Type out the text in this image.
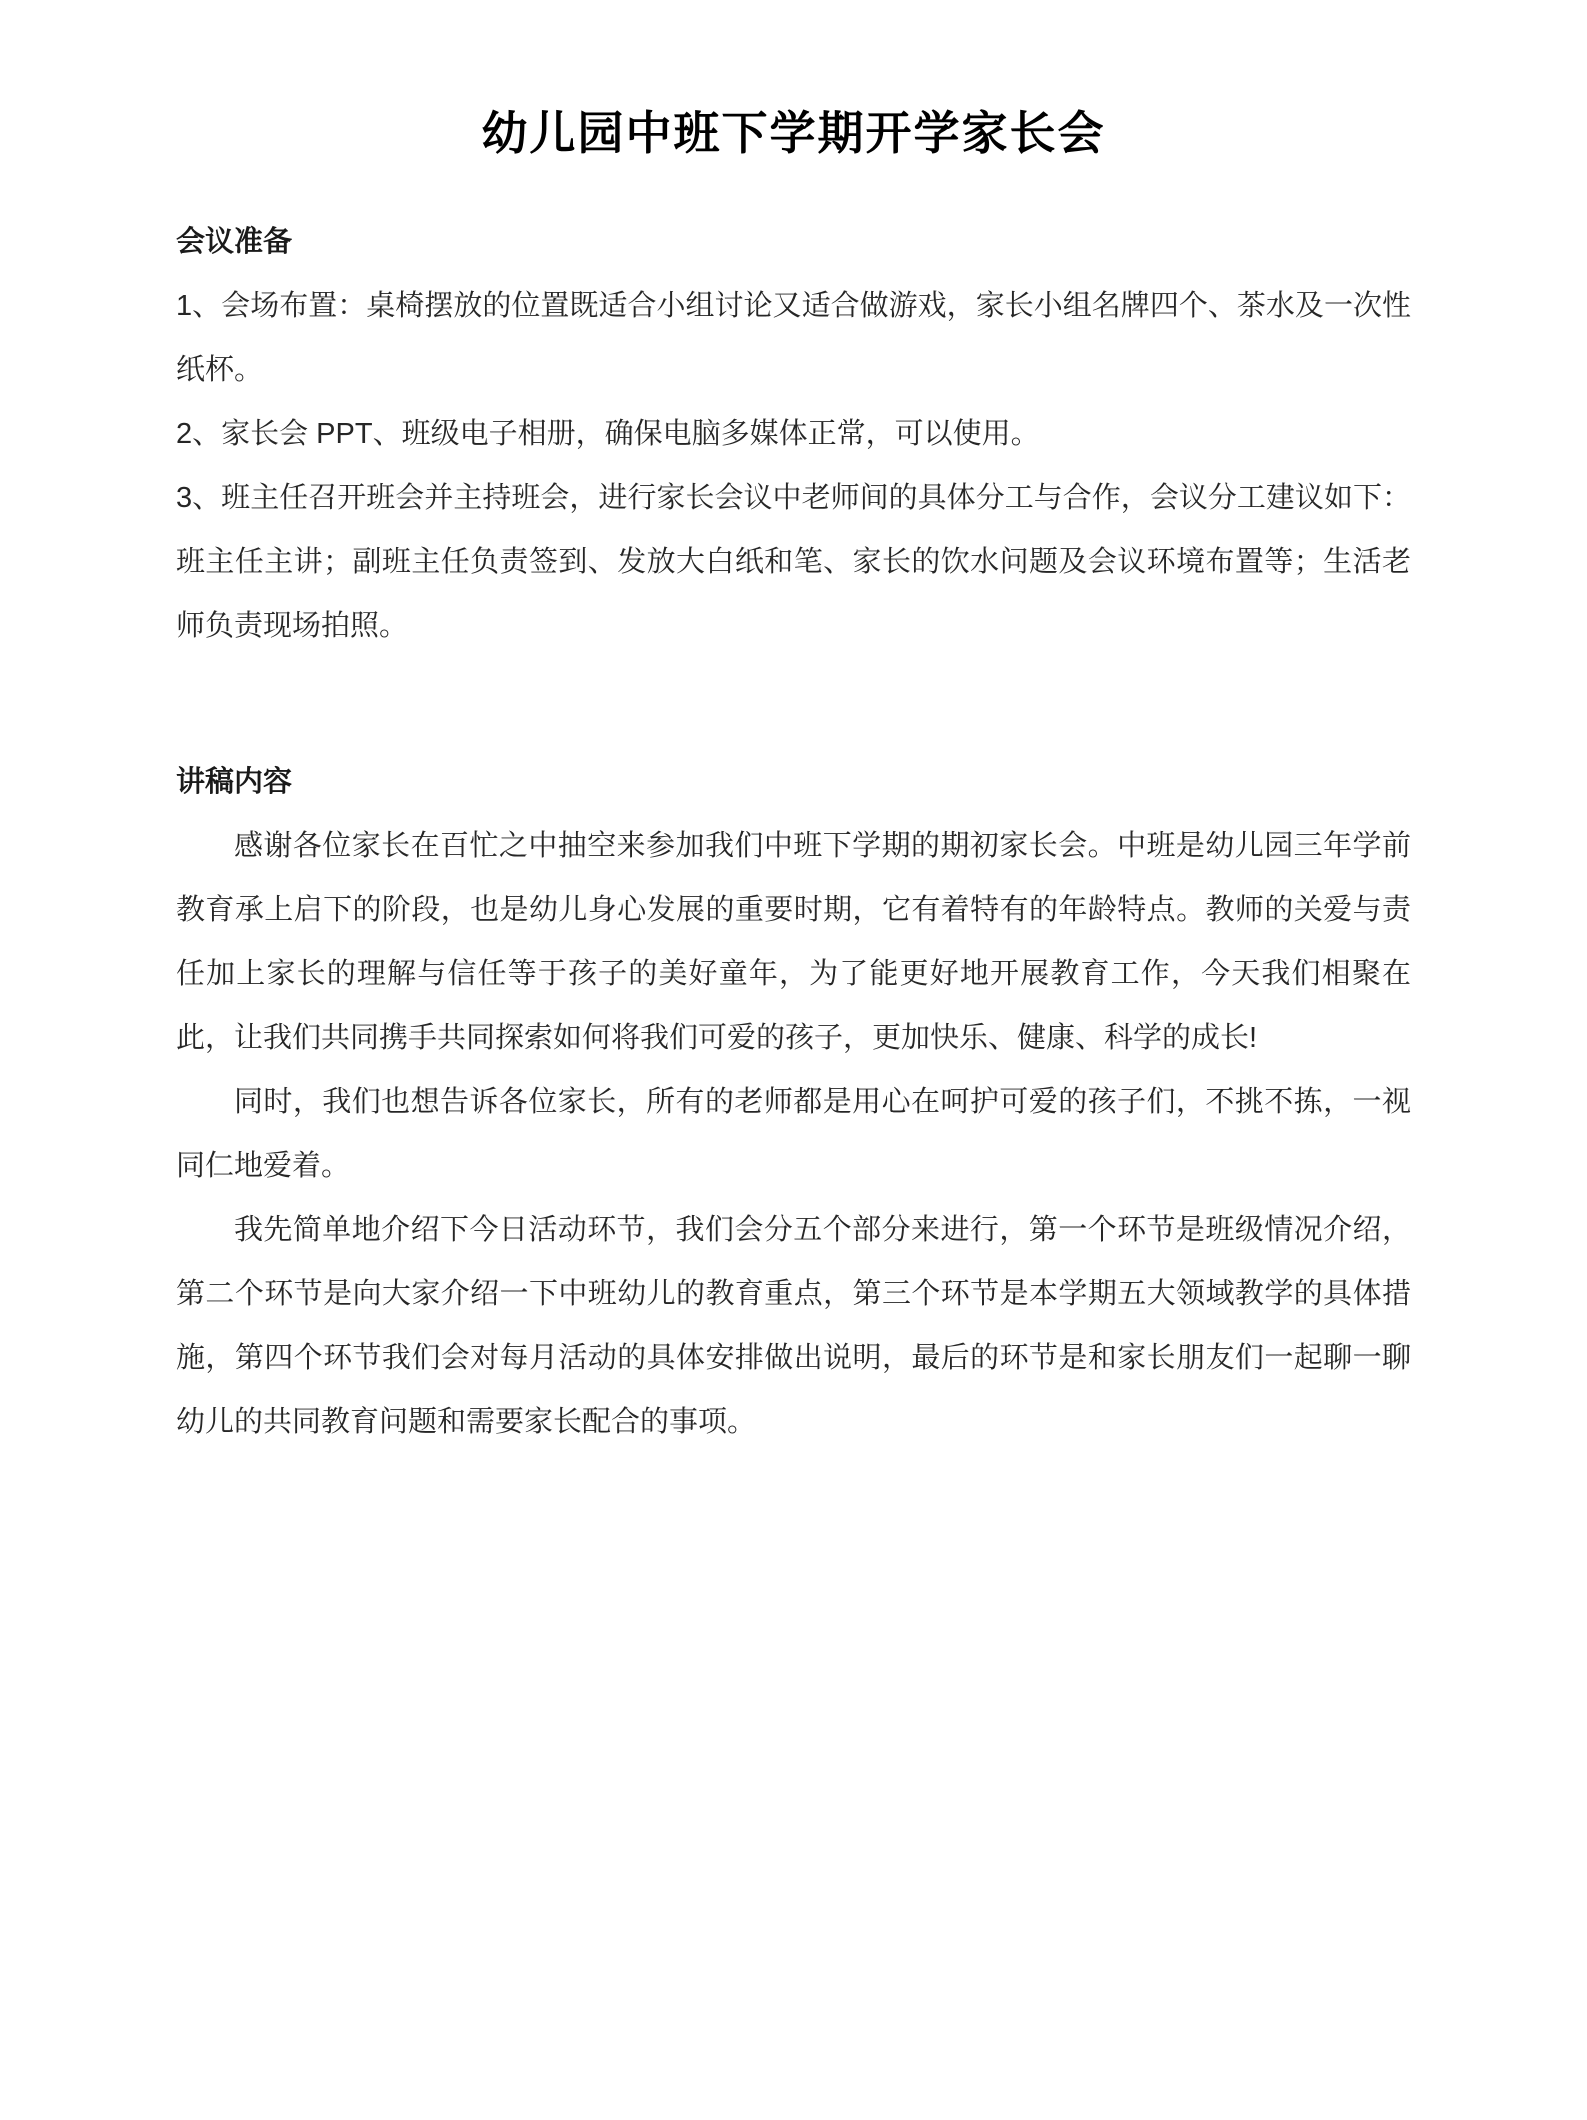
幼儿园中班下学期开学家长会
会议准备

1、会场布置：桌椅摆放的位置既适合小组讨论又适合做游戏，家长小组名牌四个、茶水及一次性纸杯。

2、家长会 PPT、班级电子相册，确保电脑多媒体正常，可以使用。

3、班主任召开班会并主持班会，进行家长会议中老师间的具体分工与合作，会议分工建议如下：班主任主讲；副班主任负责签到、发放大白纸和笔、家长的饮水问题及会议环境布置等；生活老师负责现场拍照。

讲稿内容

感谢各位家长在百忙之中抽空来参加我们中班下学期的期初家长会。中班是幼儿园三年学前教育承上启下的阶段，也是幼儿身心发展的重要时期，它有着特有的年龄特点。教师的关爱与责任加上家长的理解与信任等于孩子的美好童年，为了能更好地开展教育工作，今天我们相聚在此，让我们共同携手共同探索如何将我们可爱的孩子，更加快乐、健康、科学的成长!

同时，我们也想告诉各位家长，所有的老师都是用心在呵护可爱的孩子们，不挑不拣，一视同仁地爱着。

我先简单地介绍下今日活动环节，我们会分五个部分来进行，第一个环节是班级情况介绍，第二个环节是向大家介绍一下中班幼儿的教育重点，第三个环节是本学期五大领域教学的具体措施，第四个环节我们会对每月活动的具体安排做出说明，最后的环节是和家长朋友们一起聊一聊幼儿的共同教育问题和需要家长配合的事项。
